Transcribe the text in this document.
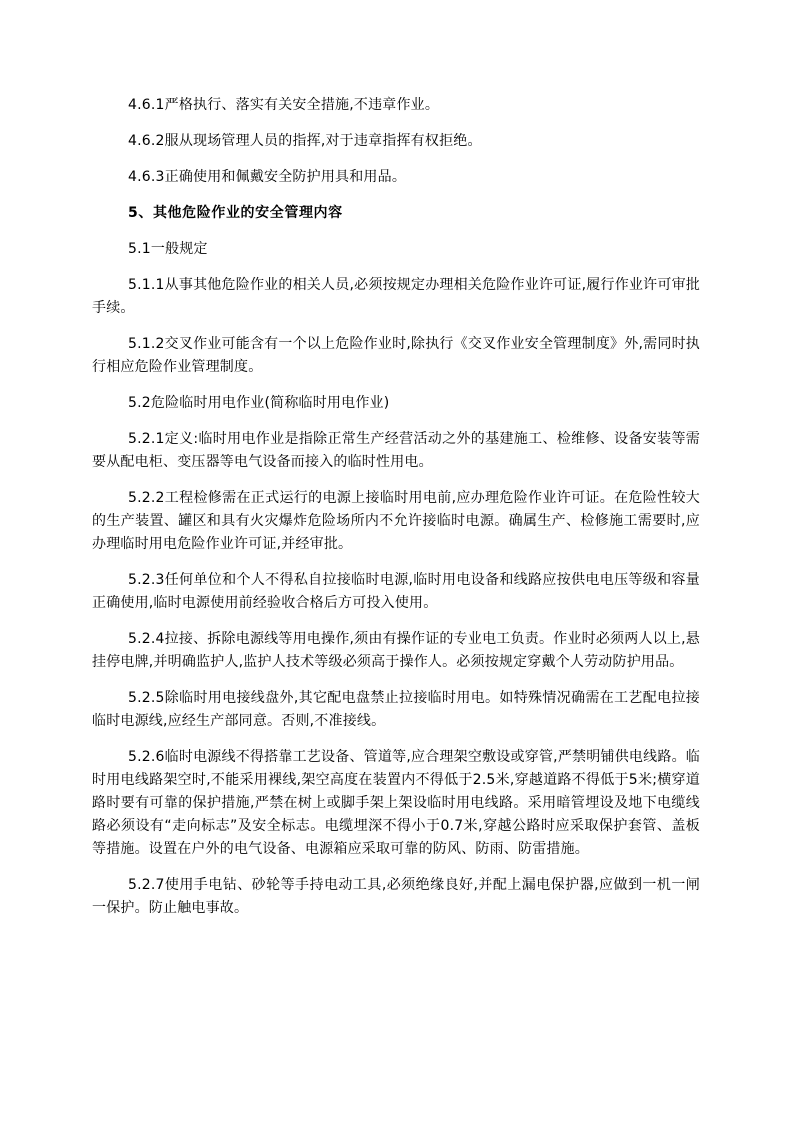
4.6.1严格执行、落实有关安全措施,不违章作业。

4.6.2服从现场管理人员的指挥,对于违章指挥有权拒绝。

4.6.3正确使用和佩戴安全防护用具和用品。

5、其他危险作业的安全管理内容

5.1一般规定

5.1.1从事其他危险作业的相关人员,必须按规定办理相关危险作业许可证,履行作业许可审批手续。

5.1.2交叉作业可能含有一个以上危险作业时,除执行《交叉作业安全管理制度》外,需同时执行相应危险作业管理制度。

5.2危险临时用电作业(简称临时用电作业)

5.2.1定义:临时用电作业是指除正常生产经营活动之外的基建施工、检维修、设备安装等需要从配电柜、变压器等电气设备而接入的临时性用电。

5.2.2工程检修需在正式运行的电源上接临时用电前,应办理危险作业许可证。在危险性较大的生产装置、罐区和具有火灾爆炸危险场所内不允许接临时电源。确属生产、检修施工需要时,应办理临时用电危险作业许可证,并经审批。

5.2.3任何单位和个人不得私自拉接临时电源,临时用电设备和线路应按供电电压等级和容量正确使用,临时电源使用前经验收合格后方可投入使用。

5.2.4拉接、拆除电源线等用电操作,须由有操作证的专业电工负责。作业时必须两人以上,悬挂停电牌,并明确监护人,监护人技术等级必须高于操作人。必须按规定穿戴个人劳动防护用品。

5.2.5除临时用电接线盘外,其它配电盘禁止拉接临时用电。如特殊情况确需在工艺配电拉接临时电源线,应经生产部同意。否则,不准接线。

5.2.6临时电源线不得搭靠工艺设备、管道等,应合理架空敷设或穿管,严禁明铺供电线路。临时用电线路架空时,不能采用裸线,架空高度在装置内不得低于2.5米,穿越道路不得低于5米;横穿道路时要有可靠的保护措施,严禁在树上或脚手架上架设临时用电线路。采用暗管埋设及地下电缆线路必须设有“走向标志”及安全标志。电缆埋深不得小于0.7米,穿越公路时应采取保护套管、盖板等措施。设置在户外的电气设备、电源箱应采取可靠的防风、防雨、防雷措施。

5.2.7使用手电钻、砂轮等手持电动工具,必须绝缘良好,并配上漏电保护器,应做到一机一闸一保护。防止触电事故。
